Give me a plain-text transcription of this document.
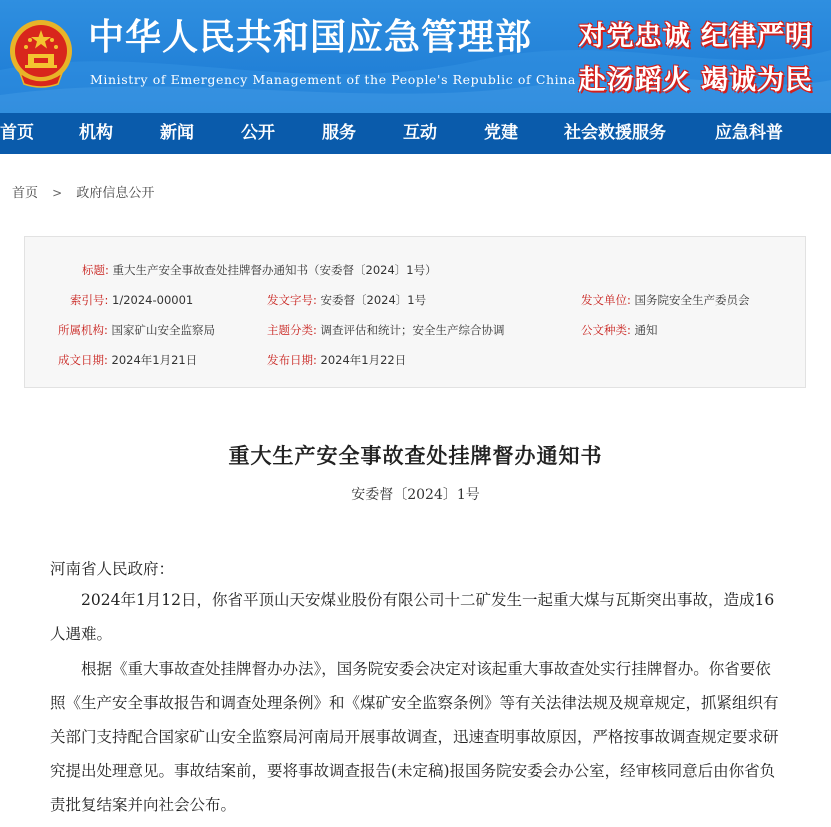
中华人民共和国应急管理部
Ministry of Emergency Management of the People's Republic of China
对党忠诚 纪律严明
赴汤蹈火 竭诚为民
首页	机构	新闻	公开	服务	互动	党建	社会救援服务	应急科普
首页 > 政府信息公开
标题: 重大生产安全事故查处挂牌督办通知书（安委督〔2024〕1号）
索引号: 1/2024-00001	发文字号: 安委督〔2024〕1号	发文单位: 国务院安全生产委员会
所属机构: 国家矿山安全监察局	主题分类: 调查评估和统计；安全生产综合协调	公文种类: 通知
成文日期: 2024年1月21日	发布日期: 2024年1月22日
重大生产安全事故查处挂牌督办通知书
安委督〔2024〕1号
河南省人民政府：
2024年1月12日，你省平顶山天安煤业股份有限公司十二矿发生一起重大煤与瓦斯突出事故，造成16人遇难。
根据《重大事故查处挂牌督办办法》，国务院安委会决定对该起重大事故查处实行挂牌督办。你省要依照《生产安全事故报告和调查处理条例》和《煤矿安全监察条例》等有关法律法规及规章规定，抓紧组织有关部门支持配合国家矿山安全监察局河南局开展事故调查，迅速查明事故原因，严格按事故调查规定要求研究提出处理意见。事故结案前，要将事故调查报告(未定稿)报国务院安委会办公室，经审核同意后由你省负责批复结案并向社会公布。
